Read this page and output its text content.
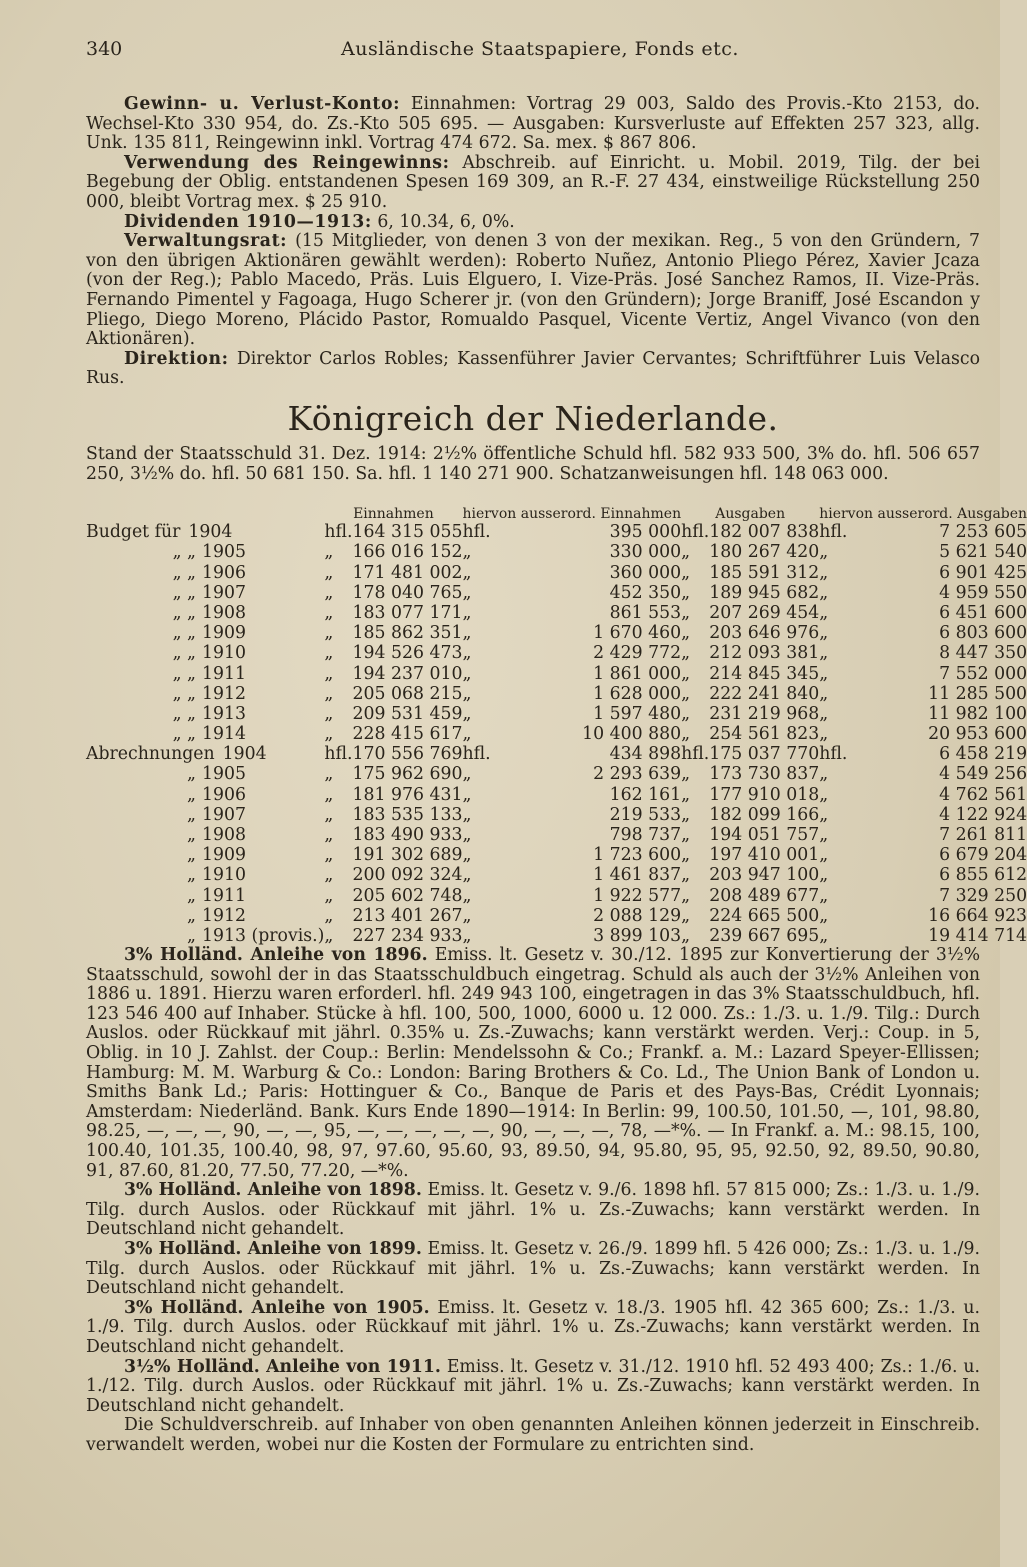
340	Ausländische Staatspapiere, Fonds etc.

Gewinn- u. Verlust-Konto: Einnahmen: Vortrag 29 003, Saldo des Provis.-Kto 2153, do. Wechsel-Kto 330 954, do. Zs.-Kto 505 695. — Ausgaben: Kursverluste auf Effekten 257 323, allg. Unk. 135 811, Reingewinn inkl. Vortrag 474 672. Sa. mex. $ 867 806.

Verwendung des Reingewinns: Abschreib. auf Einricht. u. Mobil. 2019, Tilg. der bei Begebung der Oblig. entstandenen Spesen 169 309, an R.-F. 27 434, einstweilige Rückstellung 250 000, bleibt Vortrag mex. $ 25 910.

Dividenden 1910—1913: 6, 10.34, 6, 0%.

Verwaltungsrat: (15 Mitglieder, von denen 3 von der mexikan. Reg., 5 von den Gründern, 7 von den übrigen Aktionären gewählt werden): Roberto Nuñez, Antonio Pliego Pérez, Xavier Jcaza (von der Reg.); Pablo Macedo, Präs. Luis Elguero, I. Vize-Präs. José Sanchez Ramos, II. Vize-Präs. Fernando Pimentel y Fagoaga, Hugo Scherer jr. (von den Gründern); Jorge Braniff, José Escandon y Pliego, Diego Moreno, Plácido Pastor, Romualdo Pasquel, Vicente Vertiz, Angel Vivanco (von den Aktionären).

Direktion: Direktor Carlos Robles; Kassenführer Javier Cervantes; Schriftführer Luis Velasco Rus.

Königreich der Niederlande.

Stand der Staatsschuld 31. Dez. 1914: 2½% öffentliche Schuld hfl. 582 933 500, 3% do. hfl. 506 657 250, 3½% do. hfl. 50 681 150. Sa. hfl. 1 140 271 900. Schatzanweisungen hfl. 148 063 000.

	Einnahmen		hiervon ausserord. Einnahmen		Ausgaben		hiervon ausserord. Ausgaben	
Budget für 1904	hfl.	164 315 055	hfl.	395 000	hfl.	182 007 838	hfl.	7 253 605
„ „ 1905	„	166 016 152	„	330 000	„	180 267 420	„	5 621 540
„ „ 1906	„	171 481 002	„	360 000	„	185 591 312	„	6 901 425
„ „ 1907	„	178 040 765	„	452 350	„	189 945 682	„	4 959 550
„ „ 1908	„	183 077 171	„	861 553	„	207 269 454	„	6 451 600
„ „ 1909	„	185 862 351	„	1 670 460	„	203 646 976	„	6 803 600
„ „ 1910	„	194 526 473	„	2 429 772	„	212 093 381	„	8 447 350
„ „ 1911	„	194 237 010	„	1 861 000	„	214 845 345	„	7 552 000
„ „ 1912	„	205 068 215	„	1 628 000	„	222 241 840	„	11 285 500
„ „ 1913	„	209 531 459	„	1 597 480	„	231 219 968	„	11 982 100
„ „ 1914	„	228 415 617	„	10 400 880	„	254 561 823	„	20 953 600
Abrechnungen 1904	hfl.	170 556 769	hfl.	434 898	hfl.	175 037 770	hfl.	6 458 219
„ 1905	„	175 962 690	„	2 293 639	„	173 730 837	„	4 549 256
„ 1906	„	181 976 431	„	162 161	„	177 910 018	„	4 762 561
„ 1907	„	183 535 133	„	219 533	„	182 099 166	„	4 122 924
„ 1908	„	183 490 933	„	798 737	„	194 051 757	„	7 261 811
„ 1909	„	191 302 689	„	1 723 600	„	197 410 001	„	6 679 204
„ 1910	„	200 092 324	„	1 461 837	„	203 947 100	„	6 855 612
„ 1911	„	205 602 748	„	1 922 577	„	208 489 677	„	7 329 250
„ 1912	„	213 401 267	„	2 088 129	„	224 665 500	„	16 664 923
„ 1913 (provis.)	„	227 234 933	„	3 899 103	„	239 667 695	„	19 414 714

3% Holländ. Anleihe von 1896. Emiss. lt. Gesetz v. 30./12. 1895 zur Konvertierung der 3½% Staatsschuld, sowohl der in das Staatsschuldbuch eingetrag. Schuld als auch der 3½% Anleihen von 1886 u. 1891. Hierzu waren erforderl. hfl. 249 943 100, eingetragen in das 3% Staatsschuldbuch, hfl. 123 546 400 auf Inhaber. Stücke à hfl. 100, 500, 1000, 6000 u. 12 000. Zs.: 1./3. u. 1./9. Tilg.: Durch Auslos. oder Rückkauf mit jährl. 0.35% u. Zs.-Zuwachs; kann verstärkt werden. Verj.: Coup. in 5, Oblig. in 10 J. Zahlst. der Coup.: Berlin: Mendelssohn & Co.; Frankf. a. M.: Lazard Speyer-Ellissen; Hamburg: M. M. Warburg & Co.: London: Baring Brothers & Co. Ld., The Union Bank of London u. Smiths Bank Ld.; Paris: Hottinguer & Co., Banque de Paris et des Pays-Bas, Crédit Lyonnais; Amsterdam: Niederländ. Bank. Kurs Ende 1890—1914: In Berlin: 99, 100.50, 101.50, —, 101, 98.80, 98.25, —, —, —, 90, —, —, 95, —, —, —, —, —, 90, —, —, —, 78, —*%. — In Frankf. a. M.: 98.15, 100, 100.40, 101.35, 100.40, 98, 97, 97.60, 95.60, 93, 89.50, 94, 95.80, 95, 95, 92.50, 92, 89.50, 90.80, 91, 87.60, 81.20, 77.50, 77.20, —*%.

3% Holländ. Anleihe von 1898. Emiss. lt. Gesetz v. 9./6. 1898 hfl. 57 815 000; Zs.: 1./3. u. 1./9. Tilg. durch Auslos. oder Rückkauf mit jährl. 1% u. Zs.-Zuwachs; kann verstärkt werden. In Deutschland nicht gehandelt.

3% Holländ. Anleihe von 1899. Emiss. lt. Gesetz v. 26./9. 1899 hfl. 5 426 000; Zs.: 1./3. u. 1./9. Tilg. durch Auslos. oder Rückkauf mit jährl. 1% u. Zs.-Zuwachs; kann verstärkt werden. In Deutschland nicht gehandelt.

3% Holländ. Anleihe von 1905. Emiss. lt. Gesetz v. 18./3. 1905 hfl. 42 365 600; Zs.: 1./3. u. 1./9. Tilg. durch Auslos. oder Rückkauf mit jährl. 1% u. Zs.-Zuwachs; kann verstärkt werden. In Deutschland nicht gehandelt.

3½% Holländ. Anleihe von 1911. Emiss. lt. Gesetz v. 31./12. 1910 hfl. 52 493 400; Zs.: 1./6. u. 1./12. Tilg. durch Auslos. oder Rückkauf mit jährl. 1% u. Zs.-Zuwachs; kann verstärkt werden. In Deutschland nicht gehandelt.

Die Schuldverschreib. auf Inhaber von oben genannten Anleihen können jederzeit in Einschreib. verwandelt werden, wobei nur die Kosten der Formulare zu entrichten sind.
